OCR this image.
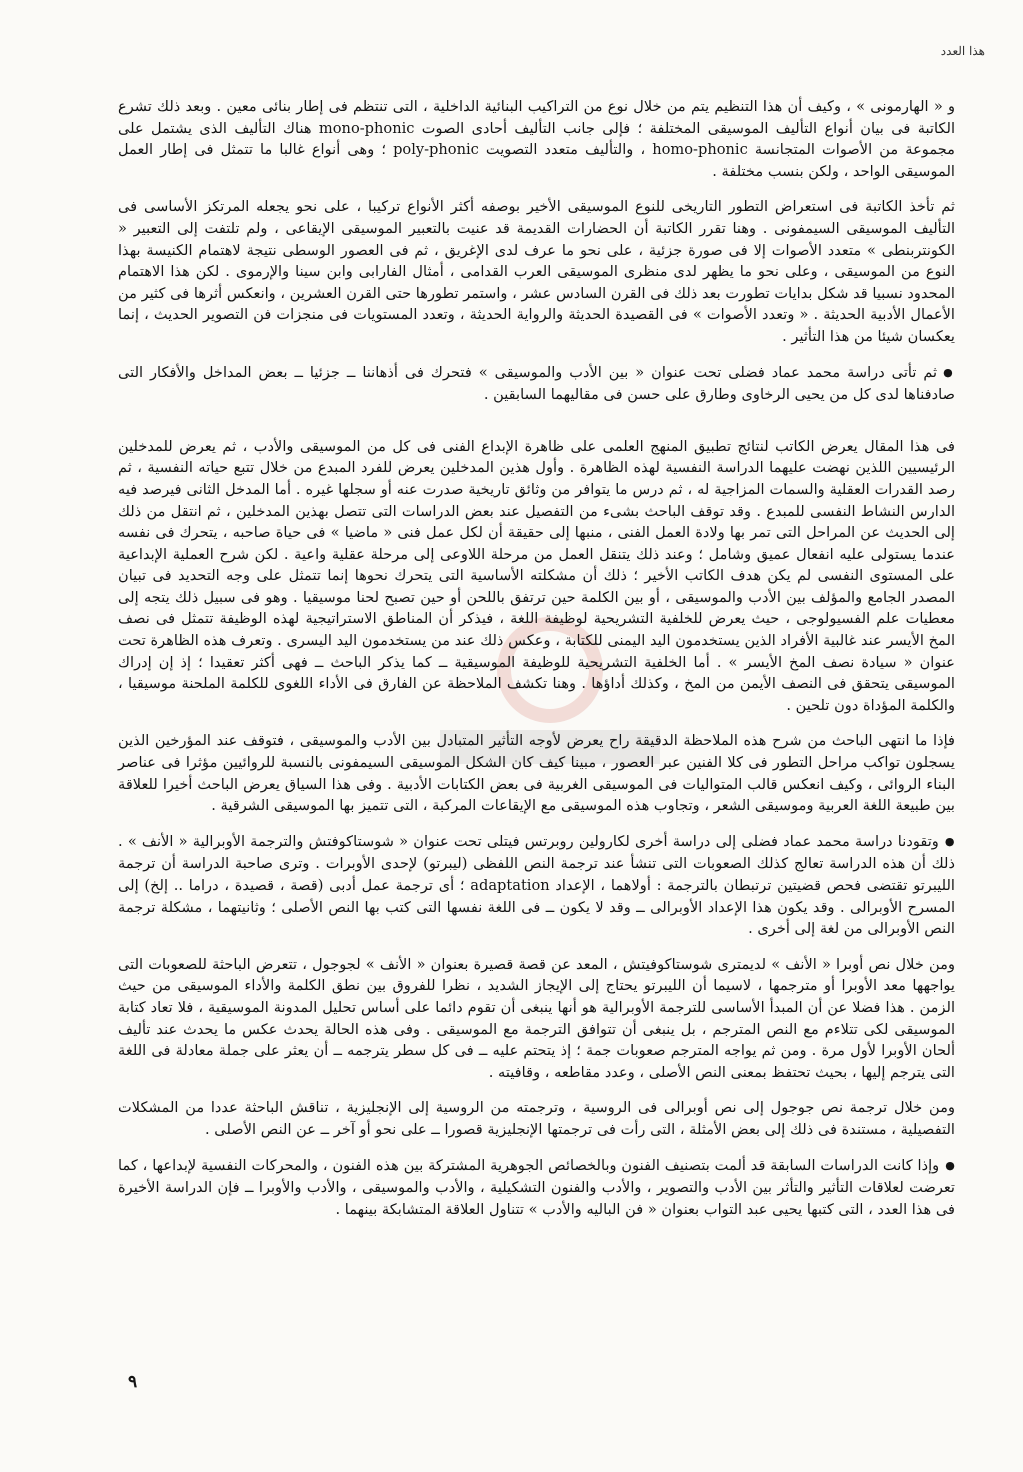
هذا العدد

و « الهارمونى » ، وكيف أن هذا التنظيم يتم من خلال نوع من التراكيب البنائية الداخلية ، التى تنتظم فى إطار بنائى معين . وبعد ذلك تشرع الكاتبة فى بيان أنواع التأليف الموسيقى المختلفة ؛ فإلى جانب التأليف أحادى الصوت mono-phonic هناك التأليف الذى يشتمل على مجموعة من الأصوات المتجانسة homo-phonic ، والتأليف متعدد التصويت poly-phonic ؛ وهى أنواع غالبا ما تتمثل فى إطار العمل الموسيقى الواحد ، ولكن بنسب مختلفة .

ثم تأخذ الكاتبة فى استعراض التطور التاريخى للنوع الموسيقى الأخير بوصفه أكثر الأنواع تركيبا ، على نحو يجعله المرتكز الأساسى فى التأليف الموسيقى السيمفونى . وهنا تقرر الكاتبة أن الحضارات القديمة قد عنيت بالتعبير الموسيقى الإيقاعى ، ولم تلتفت إلى التعبير « الكونتربنطى » متعدد الأصوات إلا فى صورة جزئية ، على نحو ما عرف لدى الإغريق ، ثم فى العصور الوسطى نتيجة لاهتمام الكنيسة بهذا النوع من الموسيقى ، وعلى نحو ما يظهر لدى منظرى الموسيقى العرب القدامى ، أمثال الفارابى وابن سينا والإرموى . لكن هذا الاهتمام المحدود نسبيا قد شكل بدايات تطورت بعد ذلك فى القرن السادس عشر ، واستمر تطورها حتى القرن العشرين ، وانعكس أثرها فى كثير من الأعمال الأدبية الحديثة . « وتعدد الأصوات » فى القصيدة الحديثة والرواية الحديثة ، وتعدد المستويات فى منجزات فن التصوير الحديث ، إنما يعكسان شيئا من هذا التأثير .

● ثم تأتى دراسة محمد عماد فضلى تحت عنوان « بين الأدب والموسيقى » فتحرك فى أذهاننا ــ جزئيا ــ بعض المداخل والأفكار التى صادفناها لدى كل من يحيى الرخاوى وطارق على حسن فى مقاليهما السابقين .

فى هذا المقال يعرض الكاتب لنتائج تطبيق المنهج العلمى على ظاهرة الإبداع الفنى فى كل من الموسيقى والأدب ، ثم يعرض للمدخلين الرئيسيين اللذين نهضت عليهما الدراسة النفسية لهذه الظاهرة . وأول هذين المدخلين يعرض للفرد المبدع من خلال تتبع حياته النفسية ، ثم رصد القدرات العقلية والسمات المزاجية له ، ثم درس ما يتوافر من وثائق تاريخية صدرت عنه أو سجلها غيره . أما المدخل الثانى فيرصد فيه الدارس النشاط النفسى للمبدع . وقد توقف الباحث بشىء من التفصيل عند بعض الدراسات التى تتصل بهذين المدخلين ، ثم انتقل من ذلك إلى الحديث عن المراحل التى تمر بها ولادة العمل الفنى ، منبها إلى حقيقة أن لكل عمل فنى « ماضيا » فى حياة صاحبه ، يتحرك فى نفسه عندما يستولى عليه انفعال عميق وشامل ؛ وعند ذلك يتنقل العمل من مرحلة اللاوعى إلى مرحلة عقلية واعية . لكن شرح العملية الإبداعية على المستوى النفسى لم يكن هدف الكاتب الأخير ؛ ذلك أن مشكلته الأساسية التى يتحرك نحوها إنما تتمثل على وجه التحديد فى تبيان المصدر الجامع والمؤلف بين الأدب والموسيقى ، أو بين الكلمة حين ترتفق باللحن أو حين تصبح لحنا موسيقيا . وهو فى سبيل ذلك يتجه إلى معطيات علم الفسيولوجى ، حيث يعرض للخلفية التشريحية لوظيفة اللغة ، فيذكر أن المناطق الاستراتيجية لهذه الوظيفة تتمثل فى نصف المخ الأيسر عند غالبية الأفراد الذين يستخدمون اليد اليمنى للكتابة ، وعكس ذلك عند من يستخدمون اليد اليسرى . وتعرف هذه الظاهرة تحت عنوان « سيادة نصف المخ الأيسر » . أما الخلفية التشريحية للوظيفة الموسيقية ــ كما يذكر الباحث ــ فهى أكثر تعقيدا ؛ إذ إن إدراك الموسيقى يتحقق فى النصف الأيمن من المخ ، وكذلك أداؤها . وهنا تكشف الملاحظة عن الفارق فى الأداء اللغوى للكلمة الملحنة موسيقيا ، والكلمة المؤداة دون تلحين .

فإذا ما انتهى الباحث من شرح هذه الملاحظة الدقيقة راح يعرض لأوجه التأثير المتبادل بين الأدب والموسيقى ، فتوقف عند المؤرخين الذين يسجلون تواكب مراحل التطور فى كلا الفنين عبر العصور ، مبينا كيف كان الشكل الموسيقى السيمفونى بالنسبة للروائيين مؤثرا فى عناصر البناء الروائى ، وكيف انعكس قالب المتواليات فى الموسيقى الغربية فى بعض الكتابات الأدبية . وفى هذا السياق يعرض الباحث أخيرا للعلاقة بين طبيعة اللغة العربية وموسيقى الشعر ، وتجاوب هذه الموسيقى مع الإيقاعات المركبة ، التى تتميز بها الموسيقى الشرقية .

● وتقودنا دراسة محمد عماد فضلى إلى دراسة أخرى لكارولين روبرتس فيتلى تحت عنوان « شوستاكوفتش والترجمة الأوبرالية « الأنف » . ذلك أن هذه الدراسة تعالج كذلك الصعوبات التى تنشأ عند ترجمة النص اللفظى (ليبرتو) لإحدى الأوبرات . وترى صاحبة الدراسة أن ترجمة الليبرتو تقتضى فحص قضيتين ترتبطان بالترجمة : أولاهما ، الإعداد adaptation ؛ أى ترجمة عمل أدبى (قصة ، قصيدة ، دراما .. إلخ) إلى المسرح الأوبرالى . وقد يكون هذا الإعداد الأوبرالى ــ وقد لا يكون ــ فى اللغة نفسها التى كتب بها النص الأصلى ؛ وثانيتهما ، مشكلة ترجمة النص الأوبرالى من لغة إلى أخرى .

ومن خلال نص أوبرا « الأنف » لديمترى شوستاكوفيتش ، المعد عن قصة قصيرة بعنوان « الأنف » لجوجول ، تتعرض الباحثة للصعوبات التى يواجهها معد الأوبرا أو مترجمها ، لاسيما أن الليبرتو يحتاج إلى الإيجاز الشديد ، نظرا للفروق بين نطق الكلمة والأداء الموسيقى من حيث الزمن . هذا فضلا عن أن المبدأ الأساسى للترجمة الأوبرالية هو أنها ينبغى أن تقوم دائما على أساس تحليل المدونة الموسيقية ، فلا تعاد كتابة الموسيقى لكى تتلاءم مع النص المترجم ، بل ينبغى أن تتوافق الترجمة مع الموسيقى . وفى هذه الحالة يحدث عكس ما يحدث عند تأليف ألحان الأوبرا لأول مرة . ومن ثم يواجه المترجم صعوبات جمة ؛ إذ يتحتم عليه ــ فى كل سطر يترجمه ــ أن يعثر على جملة معادلة فى اللغة التى يترجم إليها ، بحيث تحتفظ بمعنى النص الأصلى ، وعدد مقاطعه ، وقافيته .

ومن خلال ترجمة نص جوجول إلى نص أوبرالى فى الروسية ، وترجمته من الروسية إلى الإنجليزية ، تناقش الباحثة عددا من المشكلات التفصيلية ، مستندة فى ذلك إلى بعض الأمثلة ، التى رأت فى ترجمتها الإنجليزية قصورا ــ على نحو أو آخر ــ عن النص الأصلى .

● وإذا كانت الدراسات السابقة قد ألمت بتصنيف الفنون وبالخصائص الجوهرية المشتركة بين هذه الفنون ، والمحركات النفسية لإبداعها ، كما تعرضت لعلاقات التأثير والتأثر بين الأدب والتصوير ، والأدب والفنون التشكيلية ، والأدب والموسيقى ، والأدب والأوبرا ــ فإن الدراسة الأخيرة فى هذا العدد ، التى كتبها يحيى عبد التواب بعنوان « فن الباليه والأدب » تتناول العلاقة المتشابكة بينهما .

٩
